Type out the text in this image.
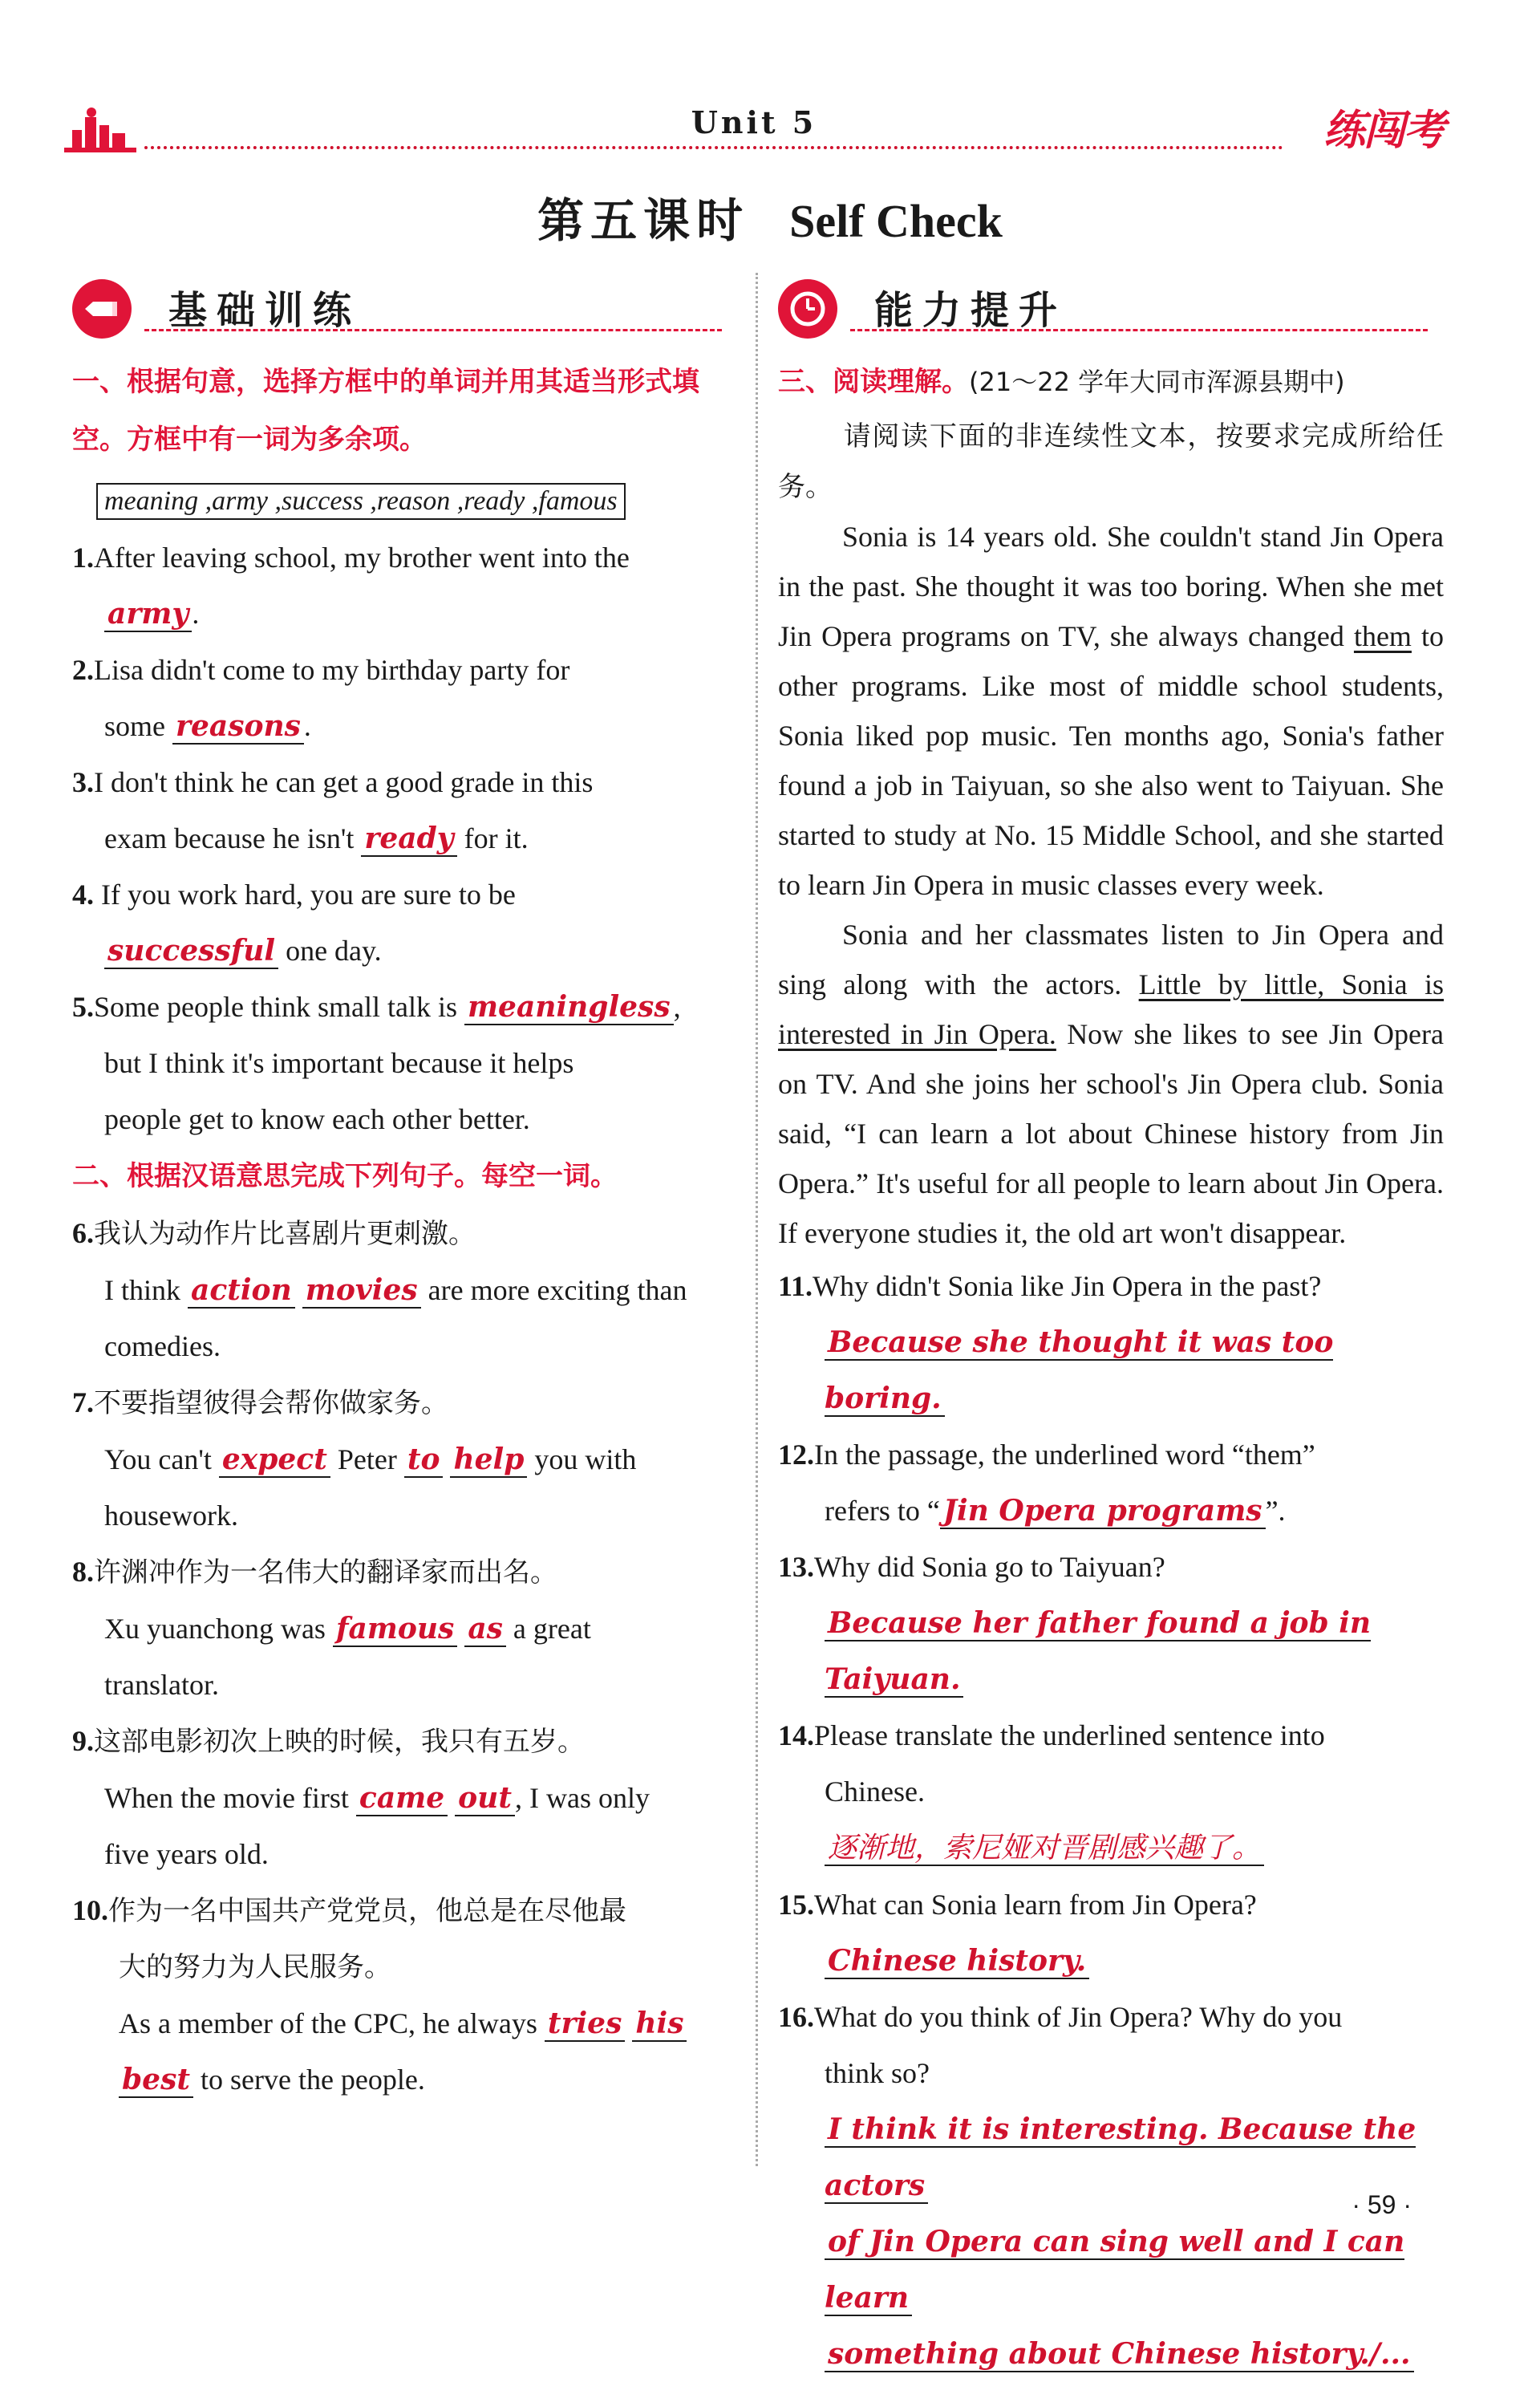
Unit 5	练闯考
第五课时 Self Check
基础训练
一、根据句意，选择方框中的单词并用其适当形式填空。方框中有一词为多余项。
meaning ,army ,success ,reason ,ready ,famous
1.After leaving school, my brother went into the
army .
2.Lisa didn't come to my birthday party for
some reasons .
3.I don't think he can get a good grade in this
exam because he isn't ready for it.
4. If you work hard, you are sure to be
successful one day.
5.Some people think small talk is meaningless ,
but I think it's important because it helps
people get to know each other better.
二、根据汉语意思完成下列句子。每空一词。
6.我认为动作片比喜剧片更刺激。
I think action movies are more exciting than
comedies.
7.不要指望彼得会帮你做家务。
You can't expect Peter to help you with
housework.
8.许渊冲作为一名伟大的翻译家而出名。
Xu yuanchong was famous as a great
translator.
9.这部电影初次上映的时候，我只有五岁。
When the movie first came out , I was only
five years old.
10.作为一名中国共产党党员，他总是在尽他最
大的努力为人民服务。
As a member of the CPC, he always tries his
best to serve the people.
能力提升
三、阅读理解。(21～22 学年大同市浑源县期中)
请阅读下面的非连续性文本，按要求完成所给任务。
Sonia is 14 years old. She couldn't stand Jin Opera in the past. She thought it was too boring. When she met Jin Opera programs on TV, she always changed them to other programs. Like most of middle school students, Sonia liked pop music. Ten months ago, Sonia's father found a job in Taiyuan, so she also went to Taiyuan. She started to study at No. 15 Middle School, and she started to learn Jin Opera in music classes every week.
Sonia and her classmates listen to Jin Opera and sing along with the actors. Little by little, Sonia is interested in Jin Opera. Now she likes to see Jin Opera on TV. And she joins her school's Jin Opera club. Sonia said, “I can learn a lot about Chinese history from Jin Opera.” It's useful for all people to learn about Jin Opera. If everyone studies it, the old art won't disappear.
11.Why didn't Sonia like Jin Opera in the past?
Because she thought it was too boring.
12.In the passage, the underlined word “them”
refers to “ Jin Opera programs ”.
13.Why did Sonia go to Taiyuan?
Because her father found a job in Taiyuan.
14.Please translate the underlined sentence into
Chinese.
逐渐地，索尼娅对晋剧感兴趣了。
15.What can Sonia learn from Jin Opera?
Chinese history.
16.What do you think of Jin Opera? Why do you
think so?
I think it is interesting. Because the actors
of Jin Opera can sing well and I can learn
something about Chinese history./...
· 59 ·
